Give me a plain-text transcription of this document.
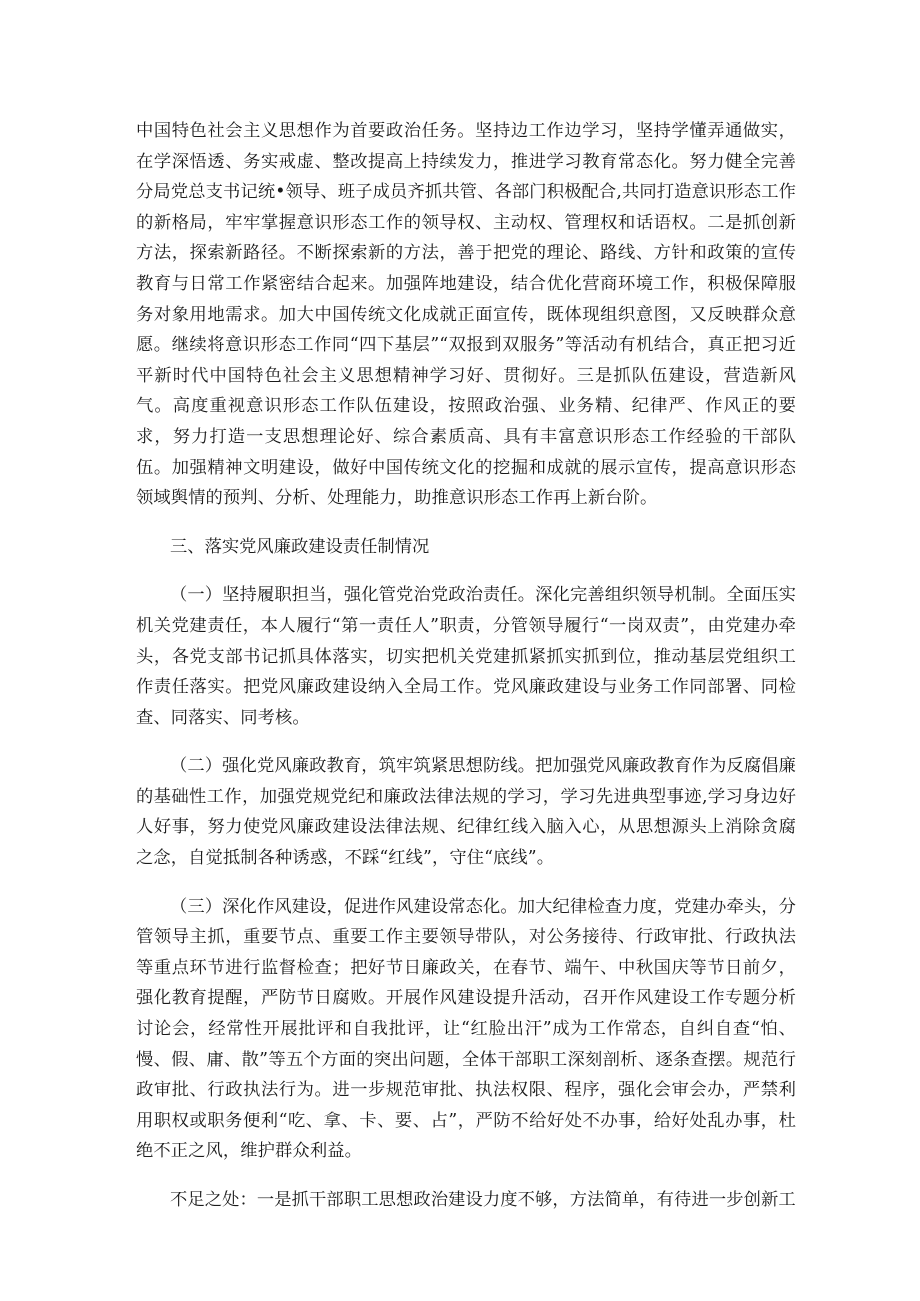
中国特色社会主义思想作为首要政治任务。坚持边工作边学习，坚持学懂弄通做实，在学深悟透、务实戒虚、整改提高上持续发力，推进学习教育常态化。努力健全完善分局党总支书记统•领导、班子成员齐抓共管、各部门积极配合,共同打造意识形态工作的新格局，牢牢掌握意识形态工作的领导权、主动权、管理权和话语权。二是抓创新方法，探索新路径。不断探索新的方法，善于把党的理论、路线、方针和政策的宣传教育与日常工作紧密结合起来。加强阵地建设，结合优化营商环境工作，积极保障服务对象用地需求。加大中国传统文化成就正面宣传，既体现组织意图，又反映群众意愿。继续将意识形态工作同“四下基层”“双报到双服务”等活动有机结合，真正把习近平新时代中国特色社会主义思想精神学习好、贯彻好。三是抓队伍建设，营造新风气。高度重视意识形态工作队伍建设，按照政治强、业务精、纪律严、作风正的要求，努力打造一支思想理论好、综合素质高、具有丰富意识形态工作经验的干部队伍。加强精神文明建设，做好中国传统文化的挖掘和成就的展示宣传，提高意识形态领域舆情的预判、分析、处理能力，助推意识形态工作再上新台阶。

三、落实党风廉政建设责任制情况

（一）坚持履职担当，强化管党治党政治责任。深化完善组织领导机制。全面压实机关党建责任，本人履行“第一责任人”职责，分管领导履行“一岗双责”，由党建办牵头，各党支部书记抓具体落实，切实把机关党建抓紧抓实抓到位，推动基层党组织工作责任落实。把党风廉政建设纳入全局工作。党风廉政建设与业务工作同部署、同检查、同落实、同考核。

（二）强化党风廉政教育，筑牢筑紧思想防线。把加强党风廉政教育作为反腐倡廉的基础性工作，加强党规党纪和廉政法律法规的学习，学习先进典型事迹,学习身边好人好事，努力使党风廉政建设法律法规、纪律红线入脑入心，从思想源头上消除贪腐之念，自觉抵制各种诱惑，不踩“红线”，守住“底线”。

（三）深化作风建设，促进作风建设常态化。加大纪律检查力度，党建办牵头，分管领导主抓，重要节点、重要工作主要领导带队，对公务接待、行政审批、行政执法等重点环节进行监督检查；把好节日廉政关，在春节、端午、中秋国庆等节日前夕，强化教育提醒，严防节日腐败。开展作风建设提升活动，召开作风建设工作专题分析讨论会，经常性开展批评和自我批评，让“红脸出汗”成为工作常态，自纠自查“怕、慢、假、庸、散”等五个方面的突出问题，全体干部职工深刻剖析、逐条查摆。规范行政审批、行政执法行为。进一步规范审批、执法权限、程序，强化会审会办，严禁利用职权或职务便利“吃、拿、卡、要、占”，严防不给好处不办事，给好处乱办事，杜绝不正之风，维护群众利益。

不足之处：一是抓干部职工思想政治建设力度不够，方法简单，有待进一步创新工
